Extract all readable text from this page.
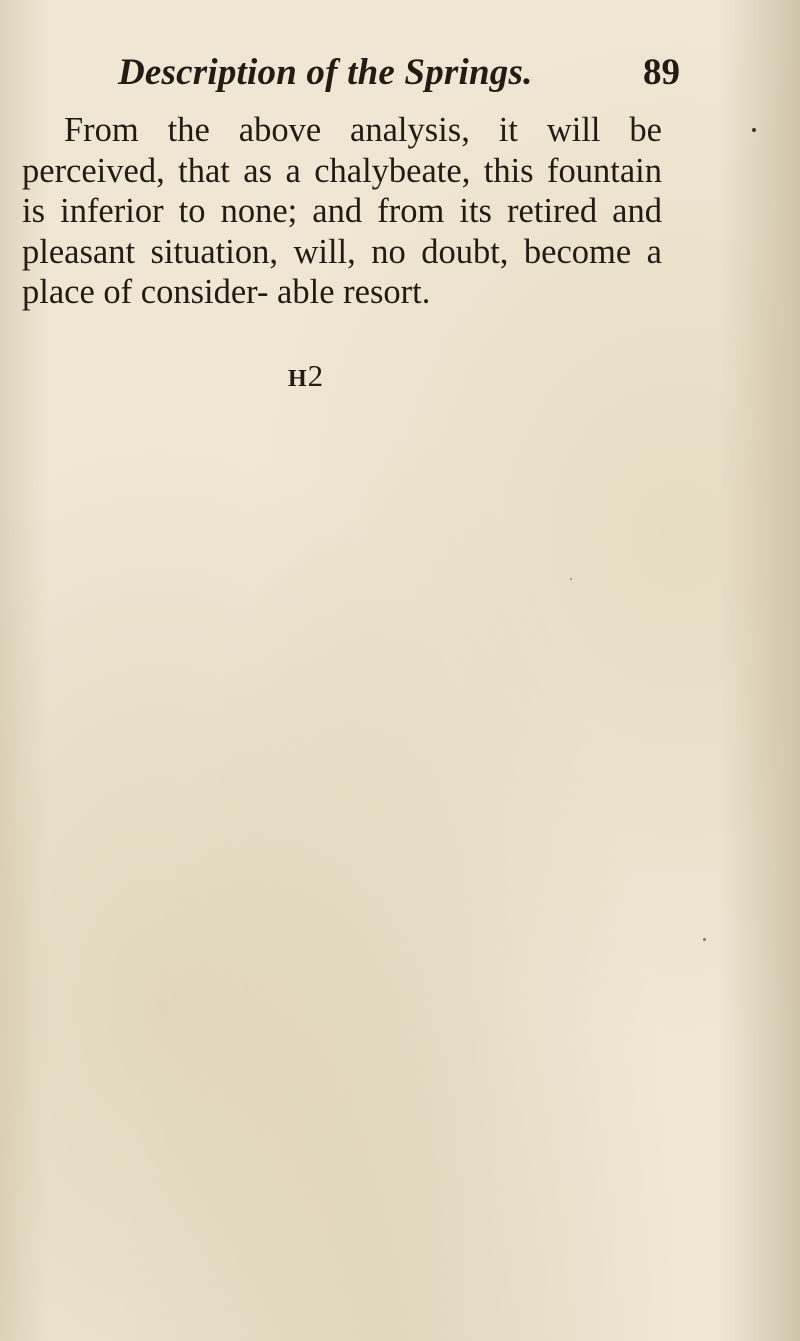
Description of the Springs.	89

From the above analysis, it will be perceived, that as a chalybeate, this fountain is inferior to none; and from its retired and pleasant situation, will, no doubt, become a place of consider- able resort.

H2
